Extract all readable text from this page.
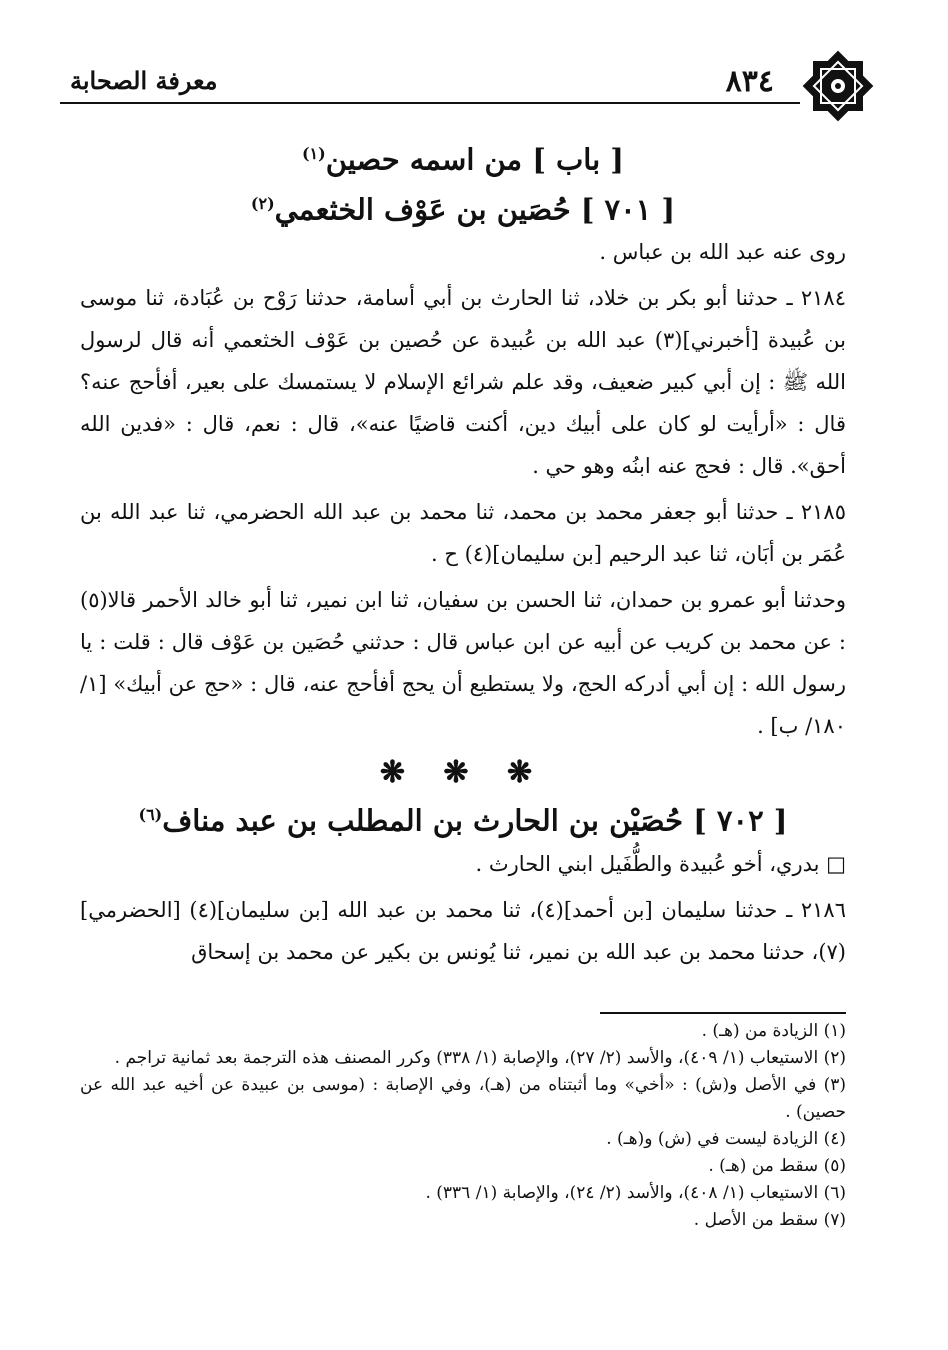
٨٣٤
معرفة الصحابة

[ باب ] من اسمه حصين$^{(١)}$

[ ٧٠١ ] حُصَين بن عَوْف الخثعمي$^{(٢)}$

روى عنه عبد الله بن عباس .

٢١٨٤ ـ حدثنا أبو بكر بن خلاد، ثنا الحارث بن أبي أسامة، حدثنا رَوْح بن عُبَادة، ثنا موسى بن عُبيدة [أخبرني](٣) عبد الله بن عُبيدة عن حُصين بن عَوْف الخثعمي أنه قال لرسول الله ﷺ : إن أبي كبير ضعيف، وقد علم شرائع الإسلام لا يستمسك على بعير، أفأحج عنه؟ قال : «أرأيت لو كان على أبيك دين، أكنت قاضيًا عنه»، قال : نعم، قال : «فدين الله أحق». قال : فحج عنه ابنُه وهو حي .

٢١٨٥ ـ حدثنا أبو جعفر محمد بن محمد، ثنا محمد بن عبد الله الحضرمي، ثنا عبد الله بن عُمَر بن أبَان، ثنا عبد الرحيم [بن سليمان](٤) ح .

وحدثنا أبو عمرو بن حمدان، ثنا الحسن بن سفيان، ثنا ابن نمير، ثنا أبو خالد الأحمر قالا(٥) : عن محمد بن كريب عن أبيه عن ابن عباس قال : حدثني حُصَين بن عَوْف قال : قلت : يا رسول الله : إن أبي أدركه الحج، ولا يستطيع أن يحج أفأحج عنه، قال : «حج عن أبيك» [١/ ١٨٠/ ب] .

❋ ❋ ❋

[ ٧٠٢ ] حُصَيْن بن الحارث بن المطلب بن عبد مناف$^{(٦)}$

□ بدري، أخو عُبيدة والطُّفَيل ابني الحارث .

٢١٨٦ ـ حدثنا سليمان [بن أحمد](٤)، ثنا محمد بن عبد الله [بن سليمان](٤) [الحضرمي](٧)، حدثنا محمد بن عبد الله بن نمير، ثنا يُونس بن بكير عن محمد بن إسحاق

(١) الزيادة من (هـ) .

(٢) الاستيعاب (١/ ٤٠٩)، والأسد (٢/ ٢٧)، والإصابة (١/ ٣٣٨) وكرر المصنف هذه الترجمة بعد ثمانية تراجم .

(٣) في الأصل و(ش) : «أخي» وما أثبتناه من (هـ)، وفي الإصابة : (موسى بن عبيدة عن أخيه عبد الله عن حصين) .

(٤) الزيادة ليست في (ش) و(هـ) .

(٥) سقط من (هـ) .

(٦) الاستيعاب (١/ ٤٠٨)، والأسد (٢/ ٢٤)، والإصابة (١/ ٣٣٦) .

(٧) سقط من الأصل .
